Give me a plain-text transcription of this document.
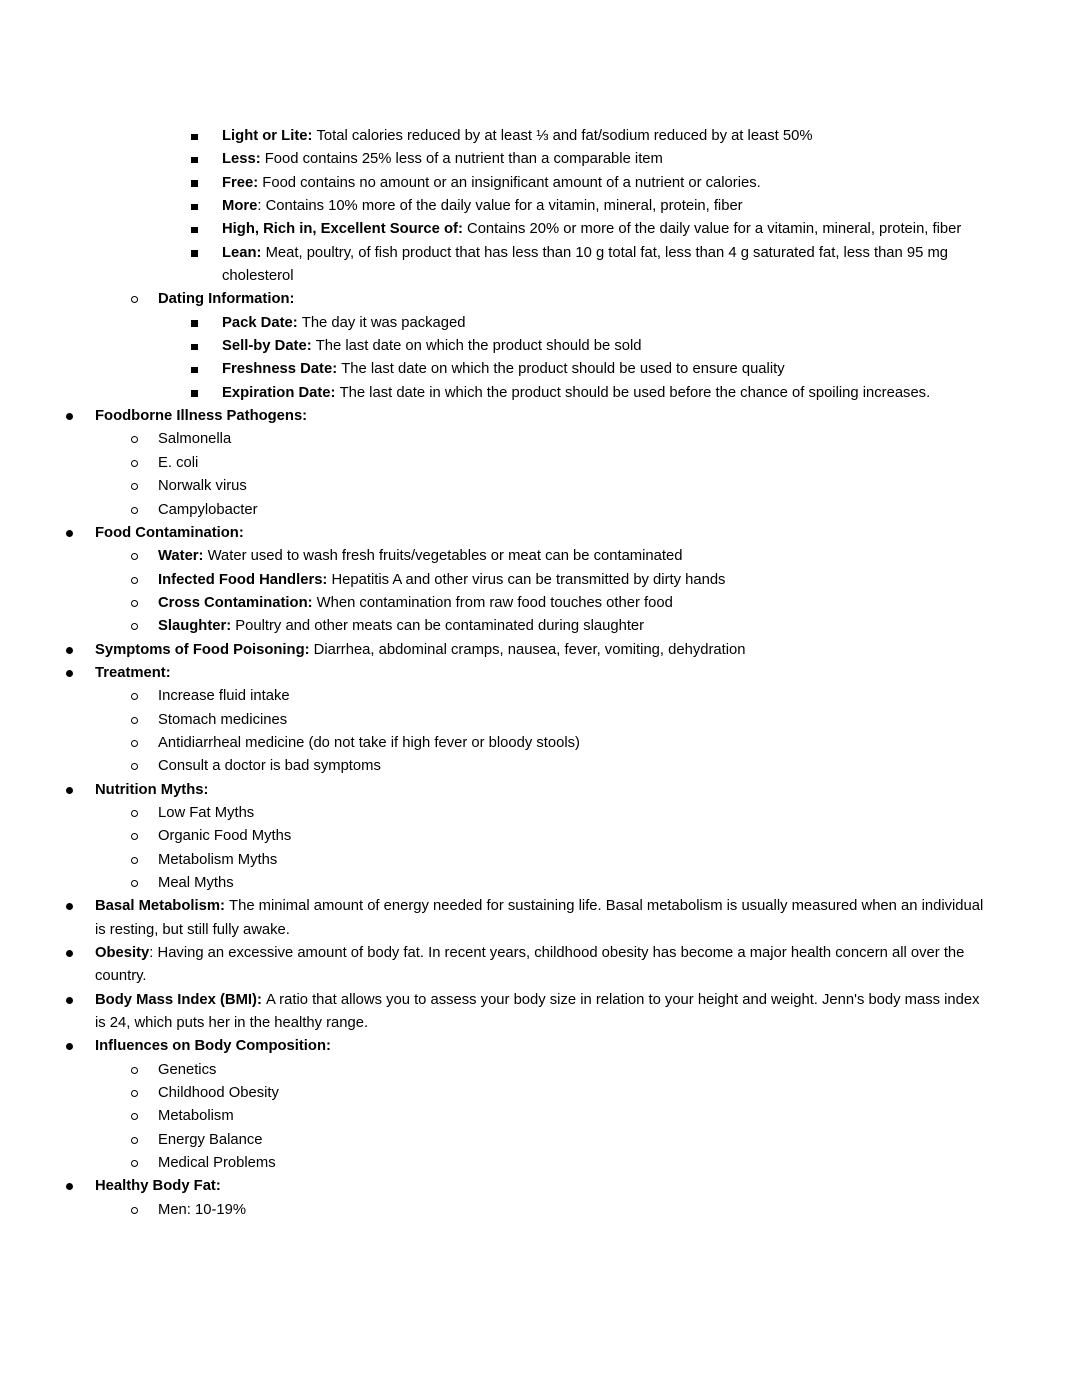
Light or Lite: Total calories reduced by at least ⅓ and fat/sodium reduced by at least 50%
Less: Food contains 25% less of a nutrient than a comparable item
Free: Food contains no amount or an insignificant amount of a nutrient or calories.
More: Contains 10% more of the daily value for a vitamin, mineral, protein, fiber
High, Rich in, Excellent Source of: Contains 20% or more of the daily value for a vitamin, mineral, protein, fiber
Lean: Meat, poultry, of fish product that has less than 10 g total fat, less than 4 g saturated fat, less than 95 mg cholesterol
Dating Information:
Pack Date: The day it was packaged
Sell-by Date: The last date on which the product should be sold
Freshness Date: The last date on which the product should be used to ensure quality
Expiration Date: The last date in which the product should be used before the chance of spoiling increases.
Foodborne Illness Pathogens:
Salmonella
E. coli
Norwalk virus
Campylobacter
Food Contamination:
Water: Water used to wash fresh fruits/vegetables or meat can be contaminated
Infected Food Handlers: Hepatitis A and other virus can be transmitted by dirty hands
Cross Contamination: When contamination from raw food touches other food
Slaughter: Poultry and other meats can be contaminated during slaughter
Symptoms of Food Poisoning: Diarrhea, abdominal cramps, nausea, fever, vomiting, dehydration
Treatment:
Increase fluid intake
Stomach medicines
Antidiarrheal medicine (do not take if high fever or bloody stools)
Consult a doctor is bad symptoms
Nutrition Myths:
Low Fat Myths
Organic Food Myths
Metabolism Myths
Meal Myths
Basal Metabolism: The minimal amount of energy needed for sustaining life. Basal metabolism is usually measured when an individual is resting, but still fully awake.
Obesity: Having an excessive amount of body fat. In recent years, childhood obesity has become a major health concern all over the country.
Body Mass Index (BMI): A ratio that allows you to assess your body size in relation to your height and weight. Jenn's body mass index is 24, which puts her in the healthy range.
Influences on Body Composition:
Genetics
Childhood Obesity
Metabolism
Energy Balance
Medical Problems
Healthy Body Fat:
Men: 10-19%
